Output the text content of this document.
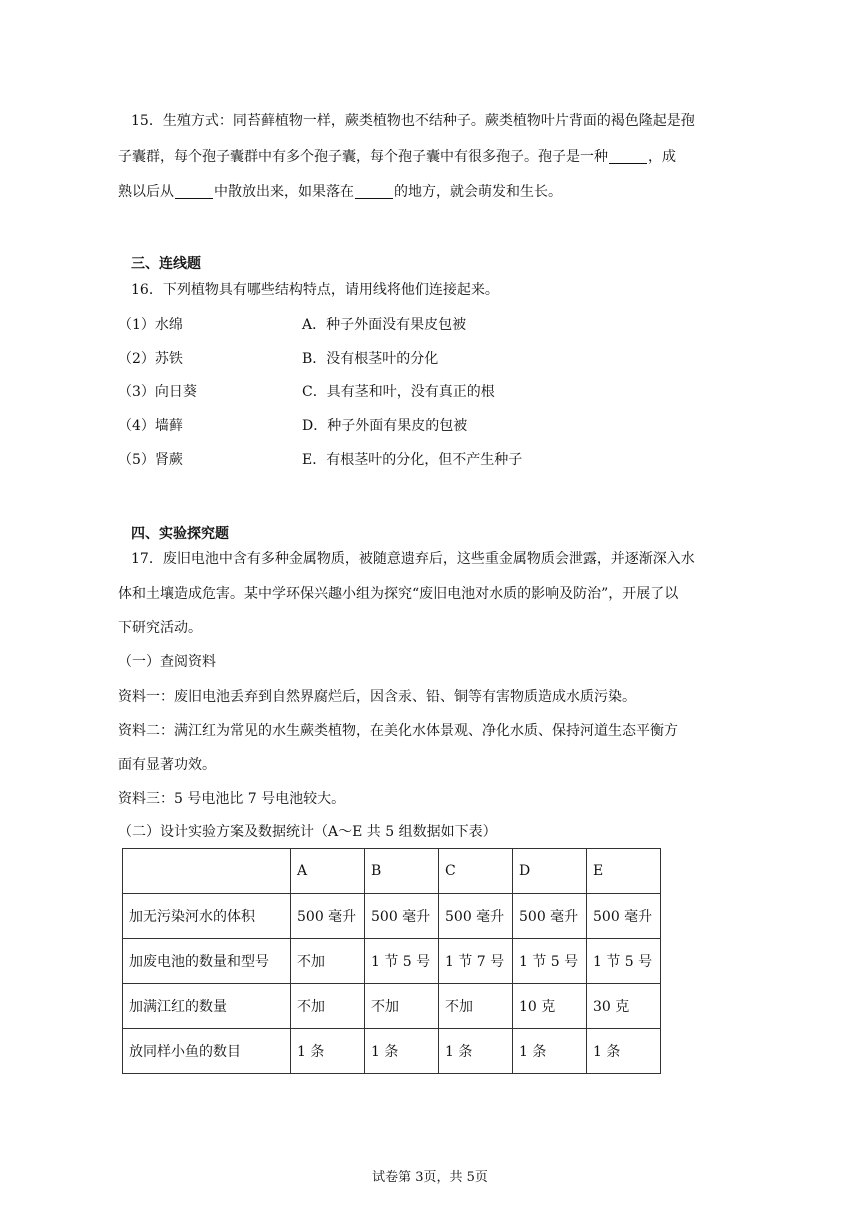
15．生殖方式：同苔藓植物一样，蕨类植物也不结种子。蕨类植物叶片背面的褐色隆起是孢
子囊群，每个孢子囊群中有多个孢子囊，每个孢子囊中有很多孢子。孢子是一种	，成
熟以后从	中散放出来，如果落在	的地方，就会萌发和生长。
三、连线题
16．下列植物具有哪些结构特点，请用线将他们连接起来。
（1）水绵
（2）苏铁
（3）向日葵
（4）墙藓
（5）肾蕨
A．种子外面没有果皮包被
B．没有根茎叶的分化
C．具有茎和叶，没有真正的根
D．种子外面有果皮的包被
E．有根茎叶的分化，但不产生种子
四、实验探究题
17．废旧电池中含有多种金属物质，被随意遗弃后，这些重金属物质会泄露，并逐渐深入水
体和土壤造成危害。某中学环保兴趣小组为探究“废旧电池对水质的影响及防治”，开展了以
下研究活动。
（一）查阅资料
资料一：废旧电池丢弃到自然界腐烂后，因含汞、铅、铜等有害物质造成水质污染。
资料二：满江红为常见的水生蕨类植物，在美化水体景观、净化水质、保持河道生态平衡方
面有显著功效。
资料三：5 号电池比 7 号电池较大。
（二）设计实验方案及数据统计（A～E 共 5 组数据如下表）
	A	B	C	D	E
加无污染河水的体积	500 毫升	500 毫升	500 毫升	500 毫升	500 毫升
加废电池的数量和型号	不加	1 节 5 号	1 节 7 号	1 节 5 号	1 节 5 号
加满江红的数量	不加	不加	不加	10 克	30 克
放同样小鱼的数目	1 条	1 条	1 条	1 条	1 条
试卷第 3页，共 5页
